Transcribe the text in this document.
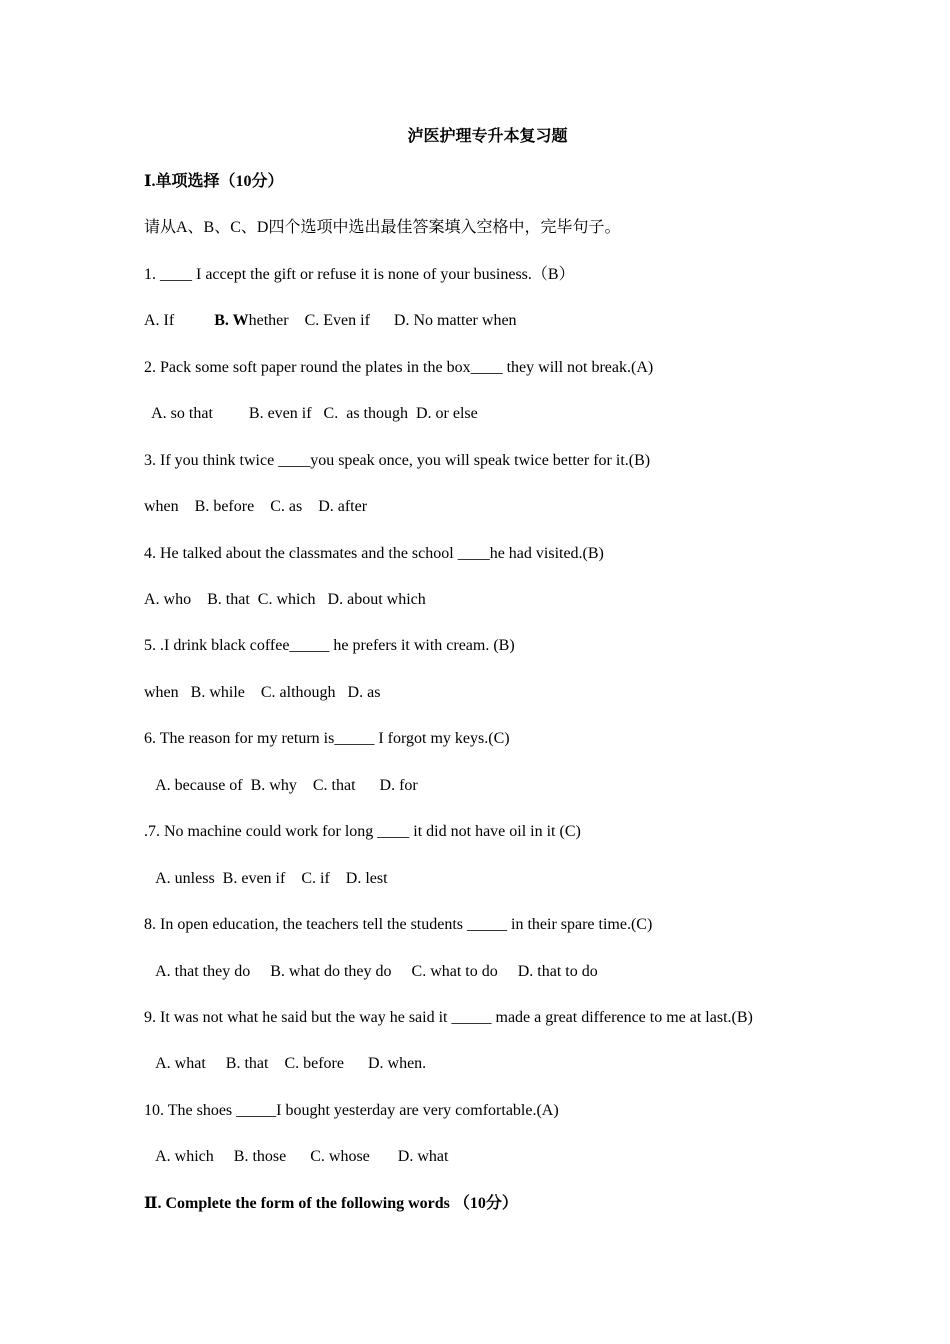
泸医护理专升本复习题
Ⅰ.单项选择（10分）
请从A、B、C、D四个选项中选出最佳答案填入空格中，完毕句子。
1. ____ I accept the gift or refuse it is none of your business.（B）
A. If          B. Whether    C. Even if      D. No matter when
2. Pack some soft paper round the plates in the box____ they will not break.(A)
A. so that         B. even if   C.  as though  D. or else
3. If you think twice ____you speak once, you will speak twice better for it.(B)
when    B. before    C. as    D. after
4. He talked about the classmates and the school ____he had visited.(B)
A. who    B. that  C. which   D. about which
5. .I drink black coffee_____ he prefers it with cream. (B)
when   B. while    C. although   D. as
6. The reason for my return is_____ I forgot my keys.(C)
A. because of  B. why    C. that      D. for
.7. No machine could work for long ____ it did not have oil in it (C)
A. unless  B. even if    C. if    D. lest
8. In open education, the teachers tell the students _____ in their spare time.(C)
A. that they do     B. what do they do     C. what to do     D. that to do
9. It was not what he said but the way he said it _____ made a great difference to me at last.(B)
A. what     B. that    C. before      D. when.
10. The shoes _____I bought yesterday are very comfortable.(A)
A. which     B. those      C. whose       D. what
Ⅱ. Complete the form of the following words （10分）
